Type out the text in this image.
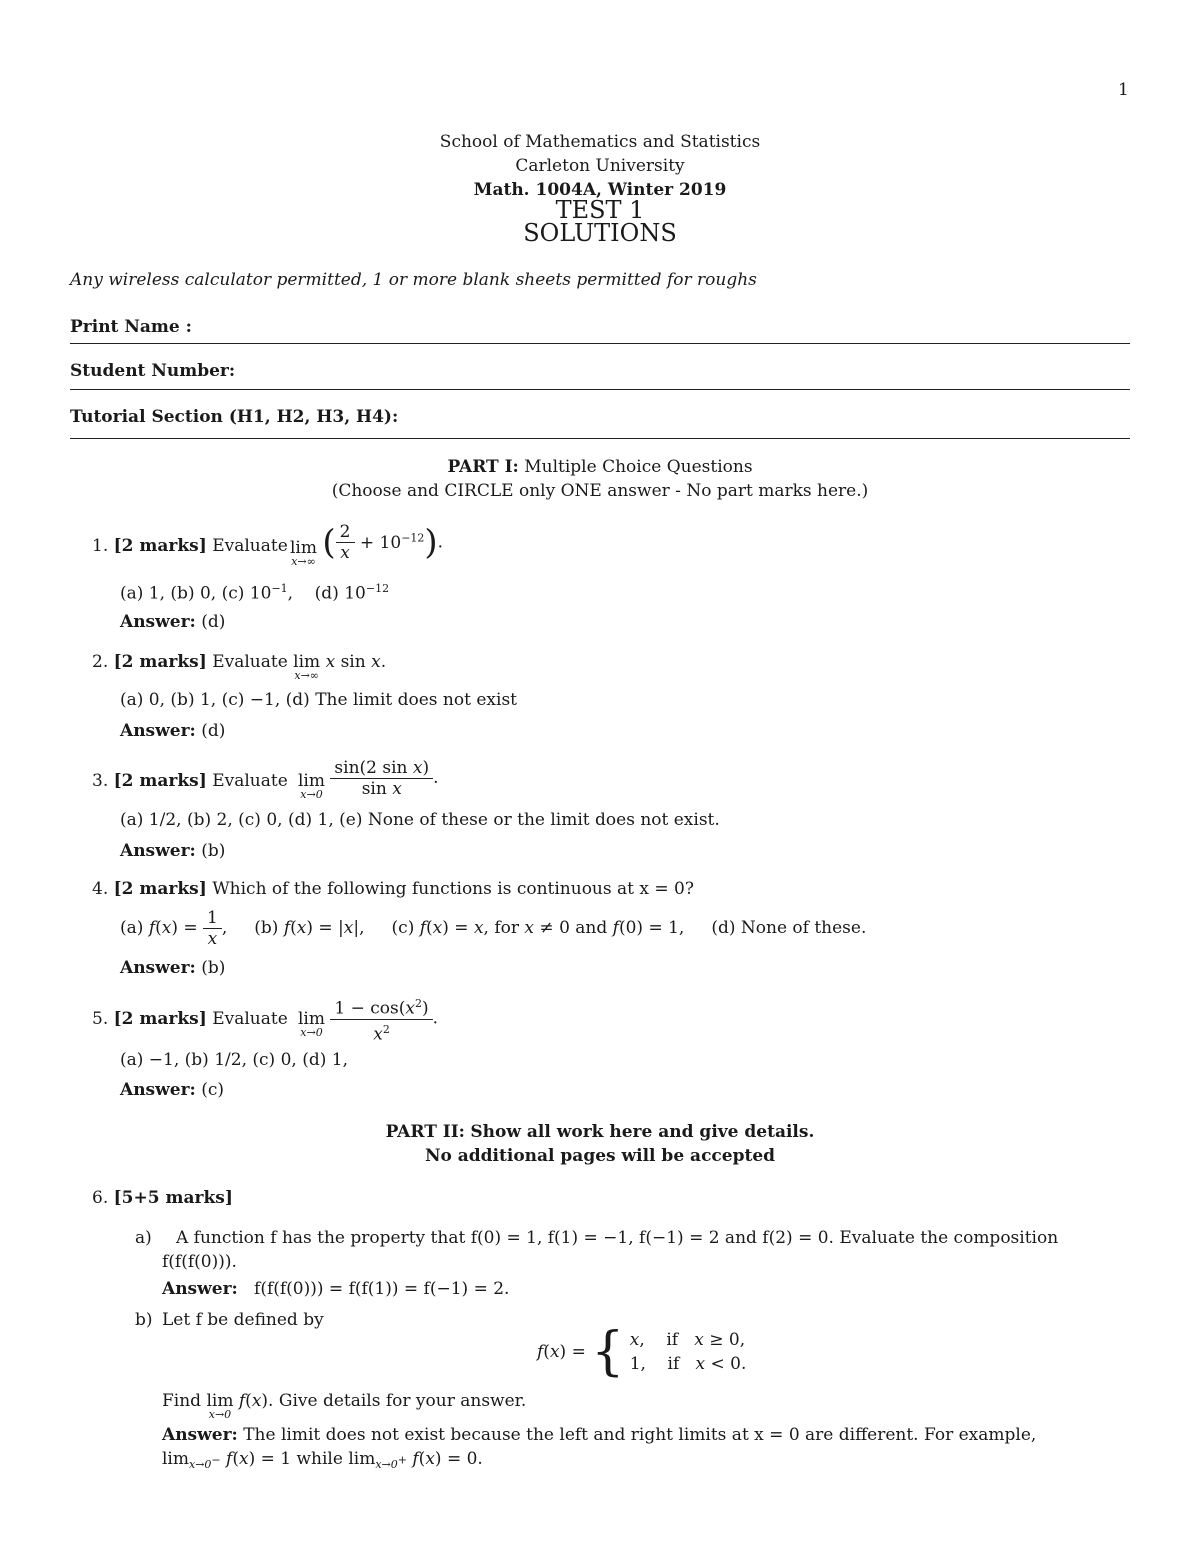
1
School of Mathematics and Statistics
Carleton University
Math. 1004A, Winter 2019
TEST 1
SOLUTIONS
Any wireless calculator permitted, 1 or more blank sheets permitted for roughs
Print Name :
Student Number:
Tutorial Section (H1, H2, H3, H4):
PART I: Multiple Choice Questions
(Choose and CIRCLE only ONE answer - No part marks here.)
1. [2 marks] Evaluate lim
x→∞ ( $\frac{2}{x} + 10^{-12}$).
(a) 1, (b) 0, (c) $10^{-1}$,    (d) $10^{-12}$
Answer: (d)
2. [2 marks] Evaluate lim
x→∞
x sin x.
(a) 0, (b) 1, (c) −1, (d) The limit does not exist
Answer: (d)
3. [2 marks] Evaluate lim
x→0
$\frac{\text{sin(2 sin x)}}{\text{sin x}}$ .
(a) 1/2, (b) 2, (c) 0, (d) 1, (e) None of these or the limit does not exist.
Answer: (b)
4. [2 marks] Which of the following functions is continuous at x = 0?
(a) $f(x) = \frac{1}{x}$ ,     (b) f(x) = |x|,     (c) f(x) = x, for x ≠ 0 and f(0) = 1,     (d) None of these.
Answer: (b)
5. [2 marks] Evaluate lim
x→0
$\frac{1 - \cos(x^2)}{x^2}$ .
(a) −1, (b) 1/2, (c) 0, (d) 1,
Answer: (c)
PART II: Show all work here and give details.
No additional pages will be accepted
6. [5+5 marks]
a) A function f has the property that f(0) = 1, f(1) = −1, f(−1) = 2 and f(2) = 0. Evaluate the composition
f(f(f(0))).
Answer: f(f(f(0))) = f(f(1)) = f(−1) = 2.
b) Let f be defined by
f(x) = { x,    if   x ≥ 0,
1,    if   x < 0.
Find lim
x→0
f(x). Give details for your answer.
Answer: The limit does not exist because the left and right limits at x = 0 are different. For example,
$\lim_{x\to 0^-} f(x) = 1$ while $\lim_{x\to 0^+} f(x) = 0$.
